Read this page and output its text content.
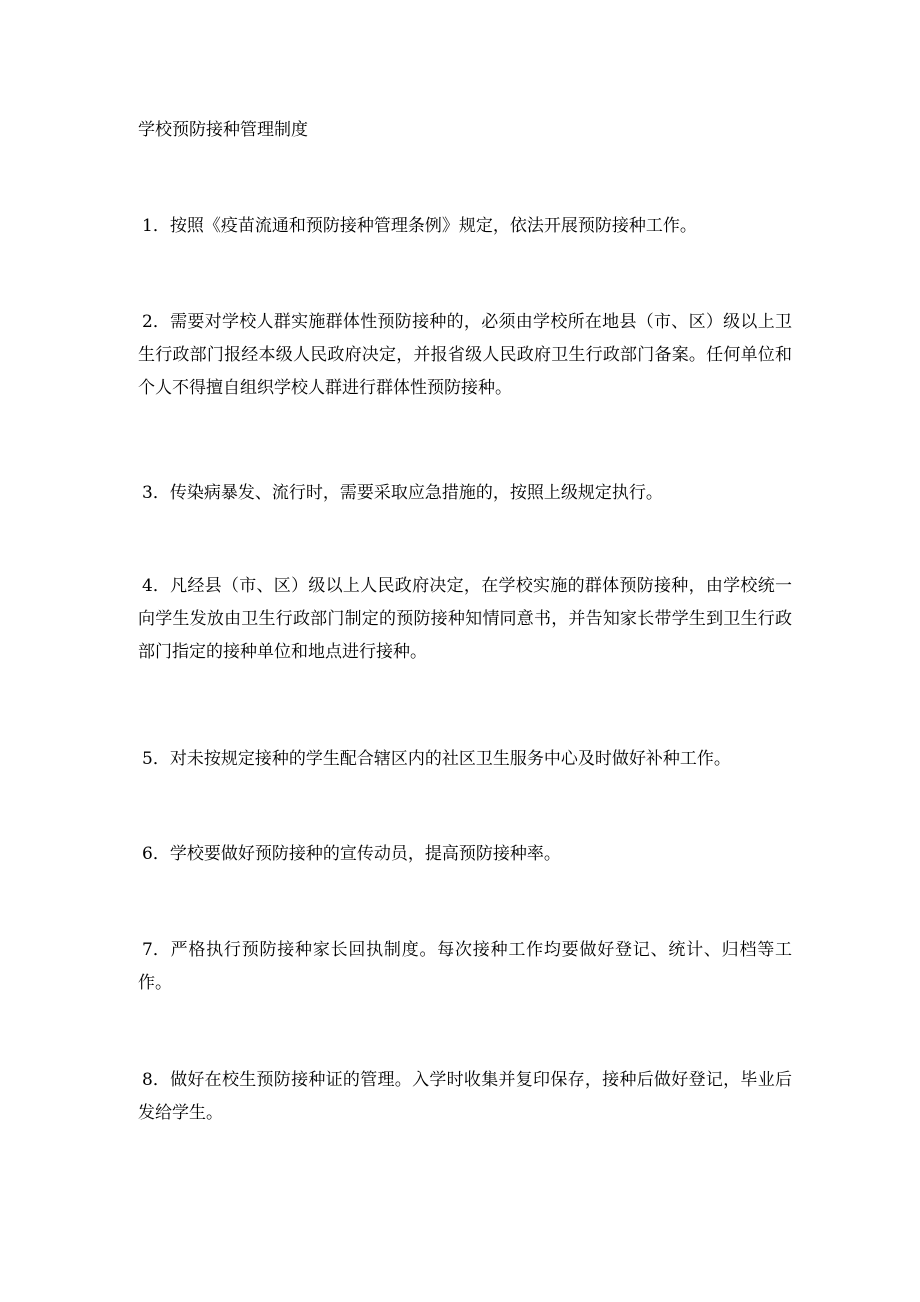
学校预防接种管理制度

1．按照《疫苗流通和预防接种管理条例》规定，依法开展预防接种工作。

2．需要对学校人群实施群体性预防接种的，必须由学校所在地县（市、区）级以上卫生行政部门报经本级人民政府决定，并报省级人民政府卫生行政部门备案。任何单位和个人不得擅自组织学校人群进行群体性预防接种。

3．传染病暴发、流行时，需要采取应急措施的，按照上级规定执行。

4．凡经县（市、区）级以上人民政府决定，在学校实施的群体预防接种，由学校统一向学生发放由卫生行政部门制定的预防接种知情同意书，并告知家长带学生到卫生行政部门指定的接种单位和地点进行接种。

5．对未按规定接种的学生配合辖区内的社区卫生服务中心及时做好补种工作。

6．学校要做好预防接种的宣传动员，提高预防接种率。

7．严格执行预防接种家长回执制度。每次接种工作均要做好登记、统计、归档等工作。

8．做好在校生预防接种证的管理。入学时收集并复印保存，接种后做好登记，毕业后发给学生。
